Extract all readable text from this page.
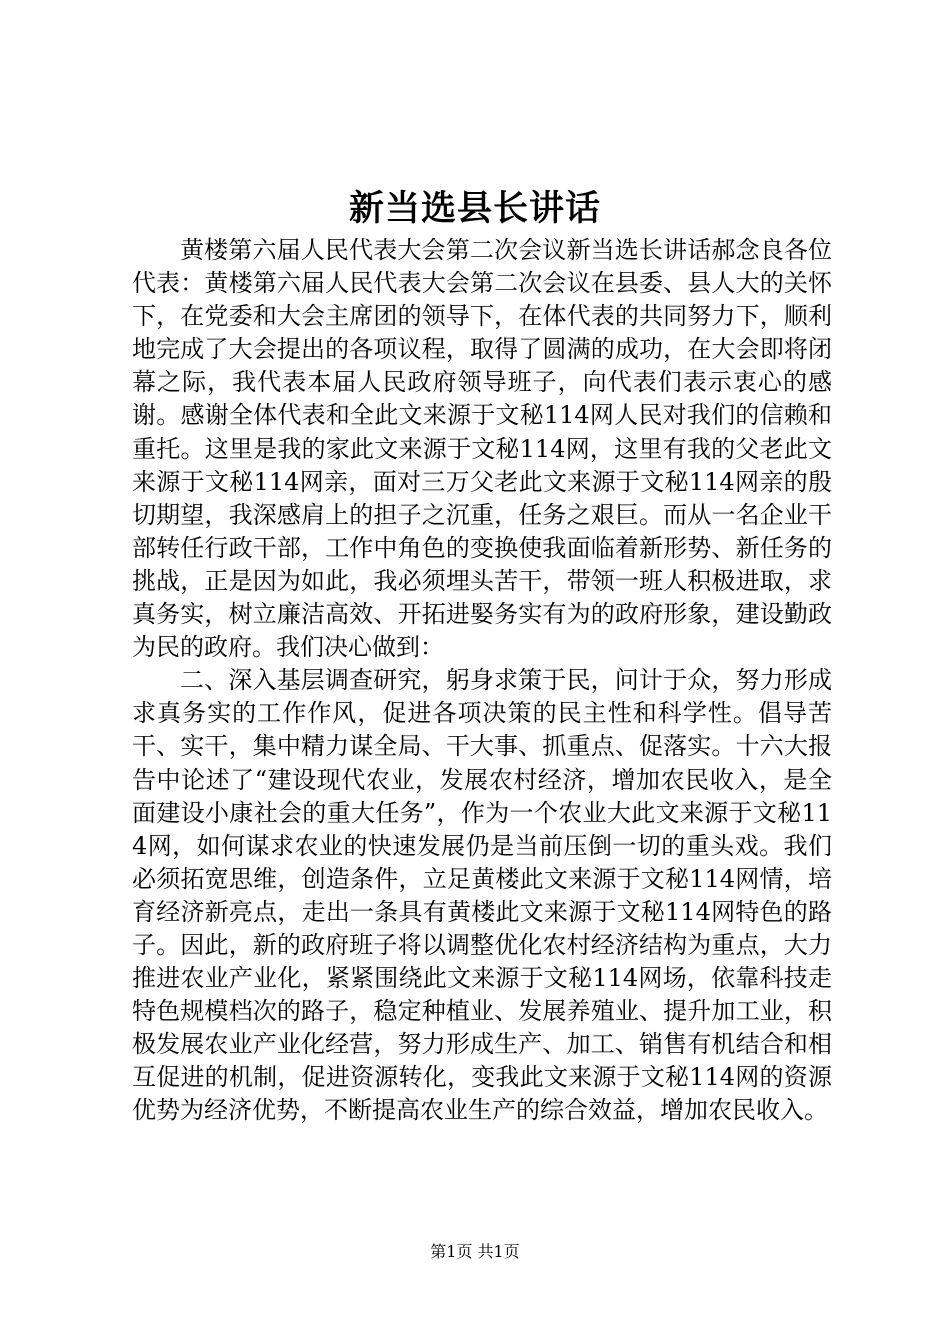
新当选县长讲话

黄楼第六届人民代表大会第二次会议新当选长讲话郝念良各位代表：黄楼第六届人民代表大会第二次会议在县委、县人大的关怀下，在党委和大会主席团的领导下，在体代表的共同努力下，顺利地完成了大会提出的各项议程，取得了圆满的成功，在大会即将闭幕之际，我代表本届人民政府领导班子，向代表们表示衷心的感谢。感谢全体代表和全此文来源于文秘114网人民对我们的信赖和重托。这里是我的家此文来源于文秘114网，这里有我的父老此文来源于文秘114网亲，面对三万父老此文来源于文秘114网亲的殷切期望，我深感肩上的担子之沉重，任务之艰巨。而从一名企业干部转任行政干部，工作中角色的变换使我面临着新形势、新任务的挑战，正是因为如此，我必须埋头苦干，带领一班人积极进取，求真务实，树立廉洁高效、开拓进婜务实有为的政府形象，建设勤政为民的政府。我们决心做到：

二、深入基层调查研究，躬身求策于民，问计于众，努力形成求真务实的工作作风，促进各项决策的民主性和科学性。倡导苦干、实干，集中精力谋全局、干大事、抓重点、促落实。十六大报告中论述了“建设现代农业，发展农村经济，增加农民收入，是全面建设小康社会的重大任务”，作为一个农业大此文来源于文秘114网，如何谋求农业的快速发展仍是当前压倒一切的重头戏。我们必须拓宽思维，创造条件，立足黄楼此文来源于文秘114网情，培育经济新亮点，走出一条具有黄楼此文来源于文秘114网特色的路子。因此，新的政府班子将以调整优化农村经济结构为重点，大力推进农业产业化，紧紧围绕此文来源于文秘114网场，依靠科技走特色规模档次的路子，稳定种植业、发展养殖业、提升加工业，积极发展农业产业化经营，努力形成生产、加工、销售有机结合和相互促进的机制，促进资源转化，变我此文来源于文秘114网的资源优势为经济优势，不断提高农业生产的综合效益，增加农民收入。

第1页 共1页
